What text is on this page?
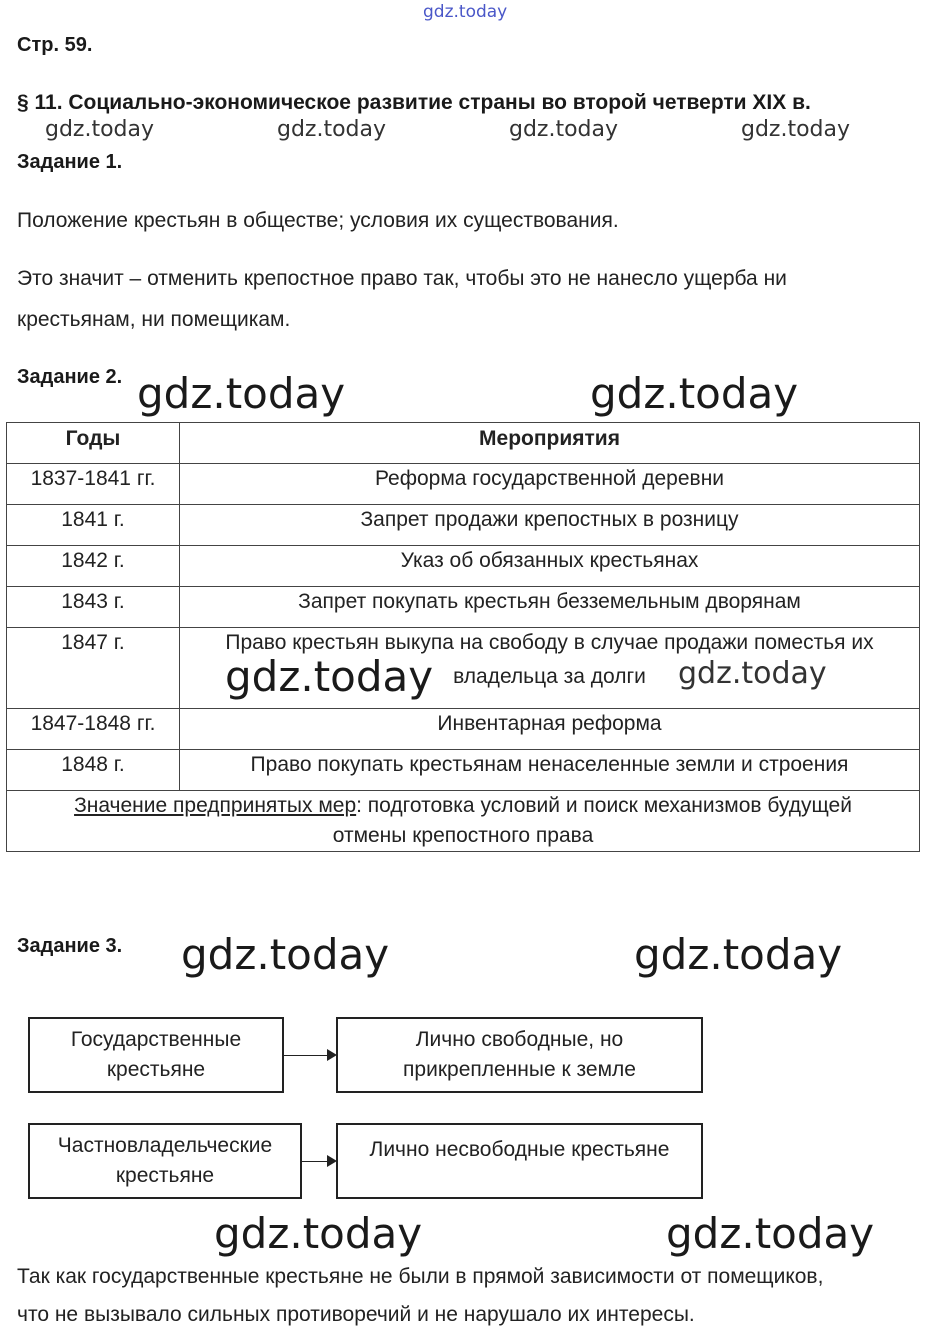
gdz.today
Стр. 59.
§ 11. Социально-экономическое развитие страны во второй четверти XIX в.
gdz.today	gdz.today	gdz.today	gdz.today
Задание 1.
Положение крестьян в обществе; условия их существования.
Это значит – отменить крепостное право так, чтобы это не нанесло ущерба ни
крестьянам, ни помещикам.
Задание 2. gdz.today	gdz.today
Годы	Мероприятия
1837-1841 гг.	Реформа государственной деревни
1841 г.	Запрет продажи крепостных в розницу
1842 г.	Указ об обязанных крестьянах
1843 г.	Запрет покупать крестьян безземельным дворянам
1847 г.	Право крестьян выкупа на свободу в случае продажи поместья их
владельца за долги

1847-1848 гг.	Инвентарная реформа
1848 г.	Право покупать крестьянам ненаселенные земли и строения

Значение предпринятых мер: подготовка условий и поиск механизмов будущей
отмены крепостного права	
gdz.today	gdz.today
Задание 3. gdz.today	gdz.today
Государственные
крестьяне
Лично свободные, но
прикрепленные к земле
Частновладельческие
крестьяне
Лично несвободные крестьяне
gdz.today	gdz.today
Так как государственные крестьяне не были в прямой зависимости от помещиков,
что не вызывало сильных противоречий и не нарушало их интересы.
